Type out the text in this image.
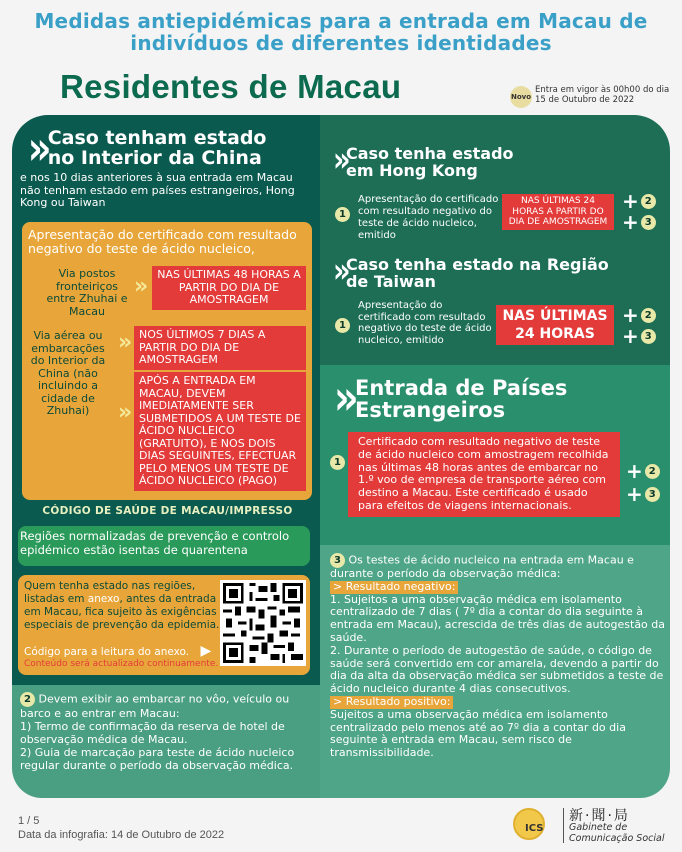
Medidas antiepidémicas para a entrada em Macau de indivíduos de diferentes identidades
Residentes de Macau	Novo
Entra em vigor às 00h00 do dia 15 de Outubro de 2022
» Caso tenham estado no Interior da China
e nos 10 dias anteriores à sua entrada em Macau não tenham estado em países estrangeiros, Hong Kong ou Taiwan
Apresentação do certificado com resultado negativo do teste de ácido nucleico,
Via postos fronteiriços entre Zhuhai e Macau
»	NAS ÚLTIMAS 48 HORAS A PARTIR DO DIA DE AMOSTRAGEM
Via aérea ou embarcações do Interior da China (não incluindo a cidade de Zhuhai)
»	NOS ÚLTIMOS 7 DIAS A PARTIR DO DIA DE AMOSTRAGEM
»
APÓS A ENTRADA EM MACAU, DEVEM IMEDIATAMENTE SER SUBMETIDOS A UM TESTE DE ÁCIDO NUCLEICO (GRATUITO), E NOS DOIS DIAS SEGUINTES, EFECTUAR PELO MENOS UM TESTE DE ÁCIDO NUCLEICO (PAGO)
CÓDIGO DE SAÚDE DE MACAU/IMPRESSO
Regiões normalizadas de prevenção e controlo epidémico estão isentas de quarentena
Quem tenha estado nas regiões, listadas em anexo, antes da entrada em Macau, fica sujeito às exigências especiais de prevenção da epidemia.
Código para a leitura do anexo. ▶
Conteúdo será actualizado continuamente.
2 Devem exibir ao embarcar no vôo, veículo ou barco e ao entrar em Macau:
1) Termo de confirmação da reserva de hotel de observação médica de Macau.
2) Guia de marcação para teste de ácido nucleico regular durante o período da observação médica.
» Caso tenha estado em Hong Kong
1
Apresentação do certificado com resultado negativo do teste de ácido nucleico, emitido
NAS ÚLTIMAS 24 HORAS A PARTIR DO DIA DE AMOSTRAGEM
+ 2
+ 3
» Caso tenha estado na Região de Taiwan
1
Apresentação do certificado com resultado negativo do teste de ácido nucleico, emitido
NAS ÚLTIMAS 24 HORAS
+ 2
+ 3
» Entrada de Países Estrangeiros
1
Certificado com resultado negativo de teste de ácido nucleico com amostragem recolhida nas últimas 48 horas antes de embarcar no 1.º voo de empresa de transporte aéreo com destino a Macau. Este certificado é usado para efeitos de viagens internacionais.
+ 2
+ 3
3 Os testes de ácido nucleico na entrada em Macau e durante o período da observação médica:
> Resultado negativo:
1. Sujeitos a uma observação médica em isolamento centralizado de 7 dias ( 7º dia a contar do dia seguinte à entrada em Macau), acrescida de três dias de autogestão da saúde.
2. Durante o período de autogestão de saúde, o código de saúde será convertido em cor amarela, devendo a partir do dia da alta da observação médica ser submetidos a teste de ácido nucleico durante 4 dias consecutivos.
> Resultado positivo:
Sujeitos a uma observação médica em isolamento centralizado pelo menos até ao 7º dia a contar do dia seguinte à entrada em Macau, sem risco de transmissibilidade.
1 / 5
Data da infografia: 14 de Outubro de 2022
ICS
新·聞·局
Gabinete de
Comunicação Social
